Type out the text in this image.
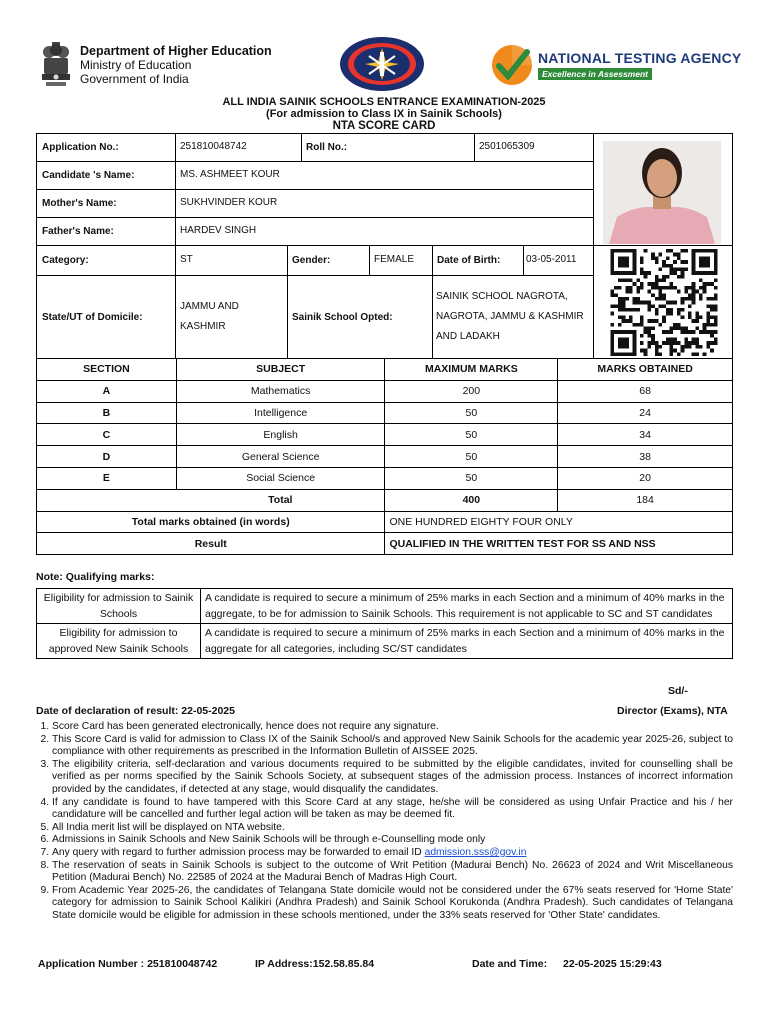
Department of Higher Education
Ministry of Education
Government of India
NATIONAL TESTING AGENCY
Excellence in Assessment
ALL INDIA SAINIK SCHOOLS ENTRANCE EXAMINATION-2025
(For admission to Class IX in Sainik Schools)
NTA SCORE CARD
Application No.:	251810048742	Roll No.:	2501065309
Candidate 's Name:	MS. ASHMEET KOUR
Mother's Name:	SUKHVINDER KOUR
Father's Name:	HARDEV SINGH
Category:	ST	Gender:	FEMALE	Date of Birth:	03-05-2011
State/UT of Domicile:
JAMMU AND
KASHMIR
Sainik School Opted:
SAINIK SCHOOL NAGROTA,
NAGROTA, JAMMU & KASHMIR
AND LADAKH
SECTION	SUBJECT	MAXIMUM MARKS	MARKS OBTAINED
A	Mathematics	200	68
B	Intelligence	50	24
C	English	50	34
D	General Science	50	38
E	Social Science	50	20
Total		400	184
Total marks obtained (in words)		ONE HUNDRED EIGHTY FOUR ONLY	
Result		QUALIFIED IN THE WRITTEN TEST FOR SS AND NSS	
Note: Qualifying marks:
Eligibility for admission to Sainik Schools	A candidate is required to secure a minimum of 25% marks in each Section and a minimum of 40% marks in the aggregate, to be for admission to Sainik Schools. This requirement is not applicable to SC and ST candidates
Eligibility for admission to approved New Sainik Schools	A candidate is required to secure a minimum of 25% marks in each Section and a minimum of 40% marks in the aggregate for all categories, including SC/ST candidates
Sd/-
Date of declaration of result: 22-05-2025	Director (Exams), NTA
1. Score Card has been generated electronically, hence does not require any signature.
2. This Score Card is valid for admission to Class IX of the Sainik School/s and approved New Sainik Schools for the academic year 2025-26, subject to compliance with other requirements as prescribed in the Information Bulletin of AISSEE 2025.
3. The eligibility criteria, self-declaration and various documents required to be submitted by the eligible candidates, invited for counselling shall be verified as per norms specified by the Sainik Schools Society, at subsequent stages of the admission process. Instances of incorrect information provided by the candidates, if detected at any stage, would disqualify the candidates.
4. If any candidate is found to have tampered with this Score Card at any stage, he/she will be considered as using Unfair Practice and his / her candidature will be cancelled and further legal action will be taken as may be deemed fit.
5. All India merit list will be displayed on NTA website.
6. Admissions in Sainik Schools and New Sainik Schools will be through e-Counselling mode only
7. Any query with regard to further admission process may be forwarded to email ID admission.sss@gov.in
8. The reservation of seats in Sainik Schools is subject to the outcome of Writ Petition (Madurai Bench) No. 26623 of 2024 and Writ Miscellaneous Petition (Madurai Bench) No. 22585 of 2024 at the Madurai Bench of Madras High Court.
9. From Academic Year 2025-26, the candidates of Telangana State domicile would not be considered under the 67% seats reserved for 'Home State' category for admission to Sainik School Kalikiri (Andhra Pradesh) and Sainik School Korukonda (Andhra Pradesh). Such candidates of Telangana State domicile would be eligible for admission in these schools mentioned, under the 33% seats reserved for 'Other State' candidates.
Application Number : 251810048742	IP Address:152.58.85.84	Date and Time: 22-05-2025 15:29:43
